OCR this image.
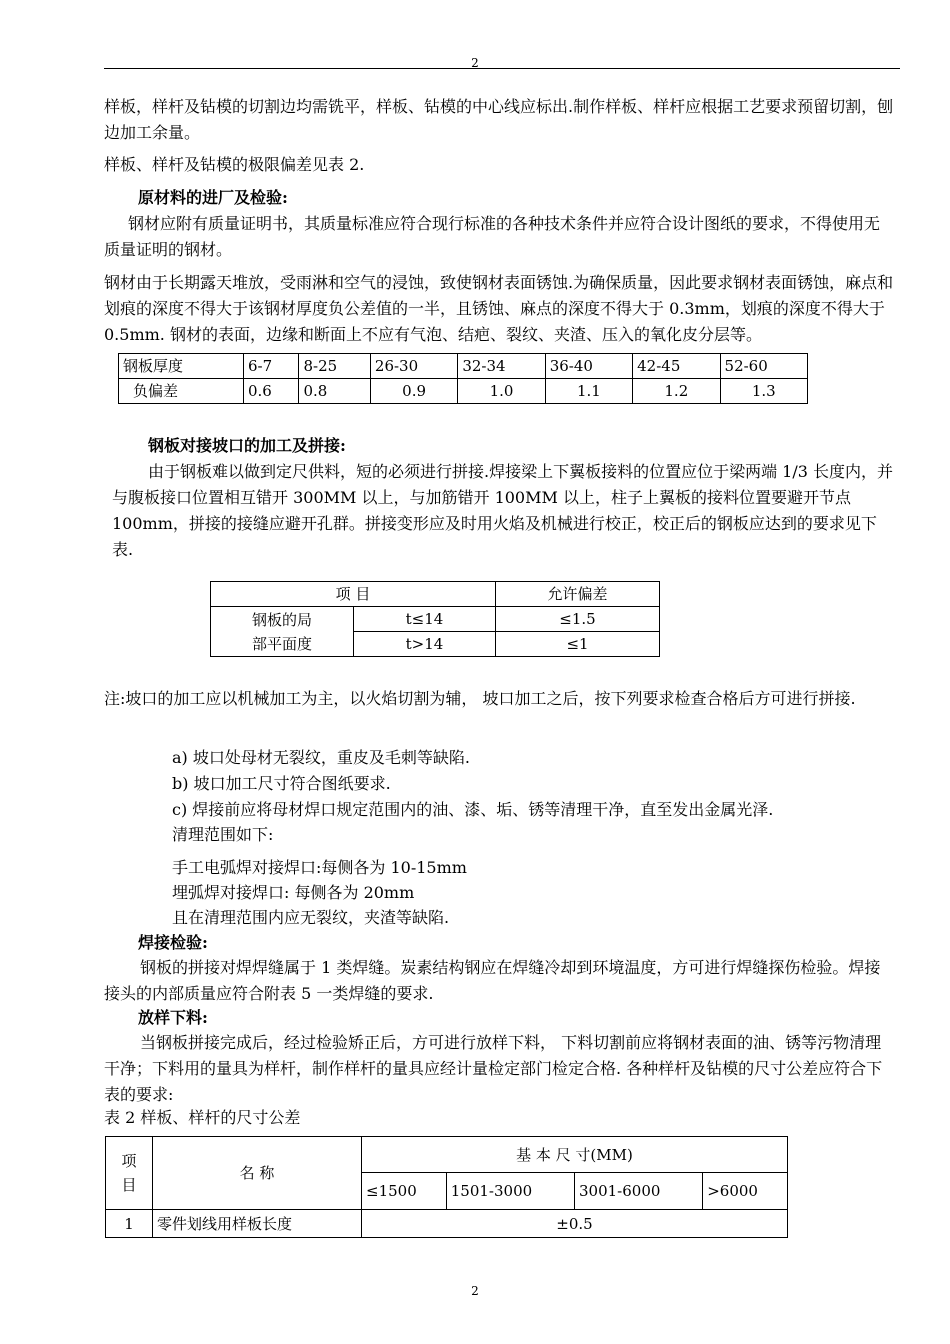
2
样板，样杆及钻模的切割边均需铣平，样板、钻模的中心线应标出.制作样板、样杆应根据工艺要求预留切割，刨边加工余量。
样板、样杆及钻模的极限偏差见表 2.
原材料的进厂及检验:
钢材应附有质量证明书，其质量标准应符合现行标准的各种技术条件并应符合设计图纸的要求，不得使用无质量证明的钢材。
钢材由于长期露天堆放，受雨淋和空气的浸蚀，致使钢材表面锈蚀.为确保质量，因此要求钢材表面锈蚀，麻点和划痕的深度不得大于该钢材厚度负公差值的一半，且锈蚀、麻点的深度不得大于 0.3mm，划痕的深度不得大于 0.5mm. 钢材的表面，边缘和断面上不应有气泡、结疤、裂纹、夹渣、压入的氧化皮分层等。
钢板厚度	6-7	8-25	26-30	32-34	36-40	42-45	52-60
负偏差	0.6	0.8	0.9	1.0	1.1	1.2	1.3
钢板对接坡口的加工及拼接:
由于钢板难以做到定尺供料，短的必须进行拼接.焊接梁上下翼板接料的位置应位于梁两端 1/3 长度内，并与腹板接口位置相互错开 300MM 以上，与加筋错开 100MM 以上，柱子上翼板的接料位置要避开节点 100mm，拼接的接缝应避开孔群。拼接变形应及时用火焰及机械进行校正，校正后的钢板应达到的要求见下表.
项 目		允许偏差
钢板的局
部平面度	t≤14	≤1.5
	t>14	≤1
注:坡口的加工应以机械加工为主，以火焰切割为辅， 坡口加工之后，按下列要求检查合格后方可进行拼接.
a) 坡口处母材无裂纹，重皮及毛刺等缺陷.
b) 坡口加工尺寸符合图纸要求.
c) 焊接前应将母材焊口规定范围内的油、漆、垢、锈等清理干净，直至发出金属光泽.
清理范围如下:
手工电弧焊对接焊口:每侧各为 10-15mm
埋弧焊对接焊口: 每侧各为 20mm
且在清理范围内应无裂纹，夹渣等缺陷.
焊接检验:
钢板的拼接对焊焊缝属于 1 类焊缝。炭素结构钢应在焊缝冷却到环境温度，方可进行焊缝探伤检验。焊接接头的内部质量应符合附表 5 一类焊缝的要求.
放样下料:
当钢板拼接完成后，经过检验矫正后，方可进行放样下料， 下料切割前应将钢材表面的油、锈等污物清理干净；下料用的量具为样杆，制作样杆的量具应经计量检定部门检定合格. 各种样杆及钻模的尺寸公差应符合下表的要求:
表 2 样板、样杆的尺寸公差
项
目	名 称	基 本 尺 寸(MM)			
		≤1500	1501-3000	3001-6000	>6000
1	零件划线用样板长度	±0.5			
2
